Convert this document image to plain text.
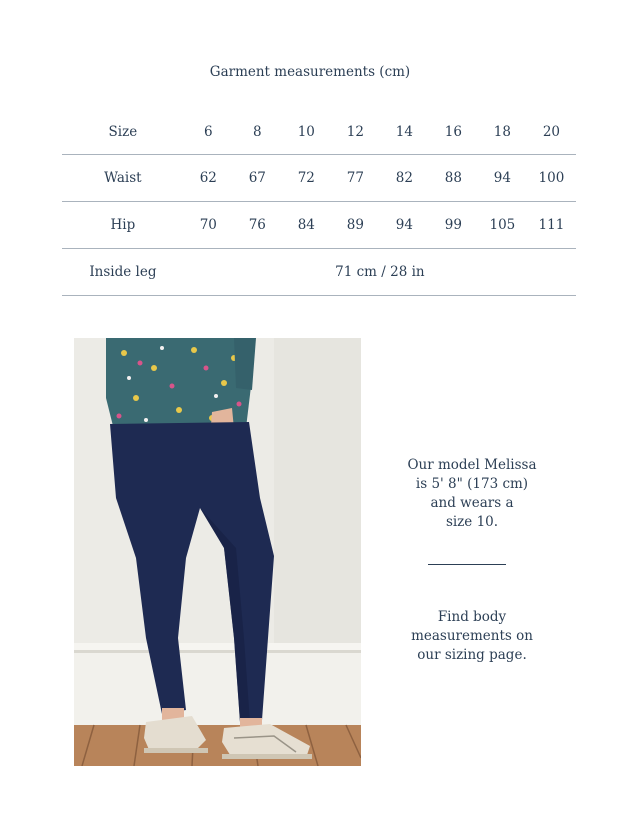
Garment measurements (cm)
Size	6	8	10	12	14	16	18	20
Waist	62	67	72	77	82	88	94	100
Hip	70	76	84	89	94	99	105	111
Inside leg	71 cm / 28 in							
Our model Melissa
is 5' 8" (173 cm)
and wears a
size 10.
Find body
measurements on
our sizing page.
